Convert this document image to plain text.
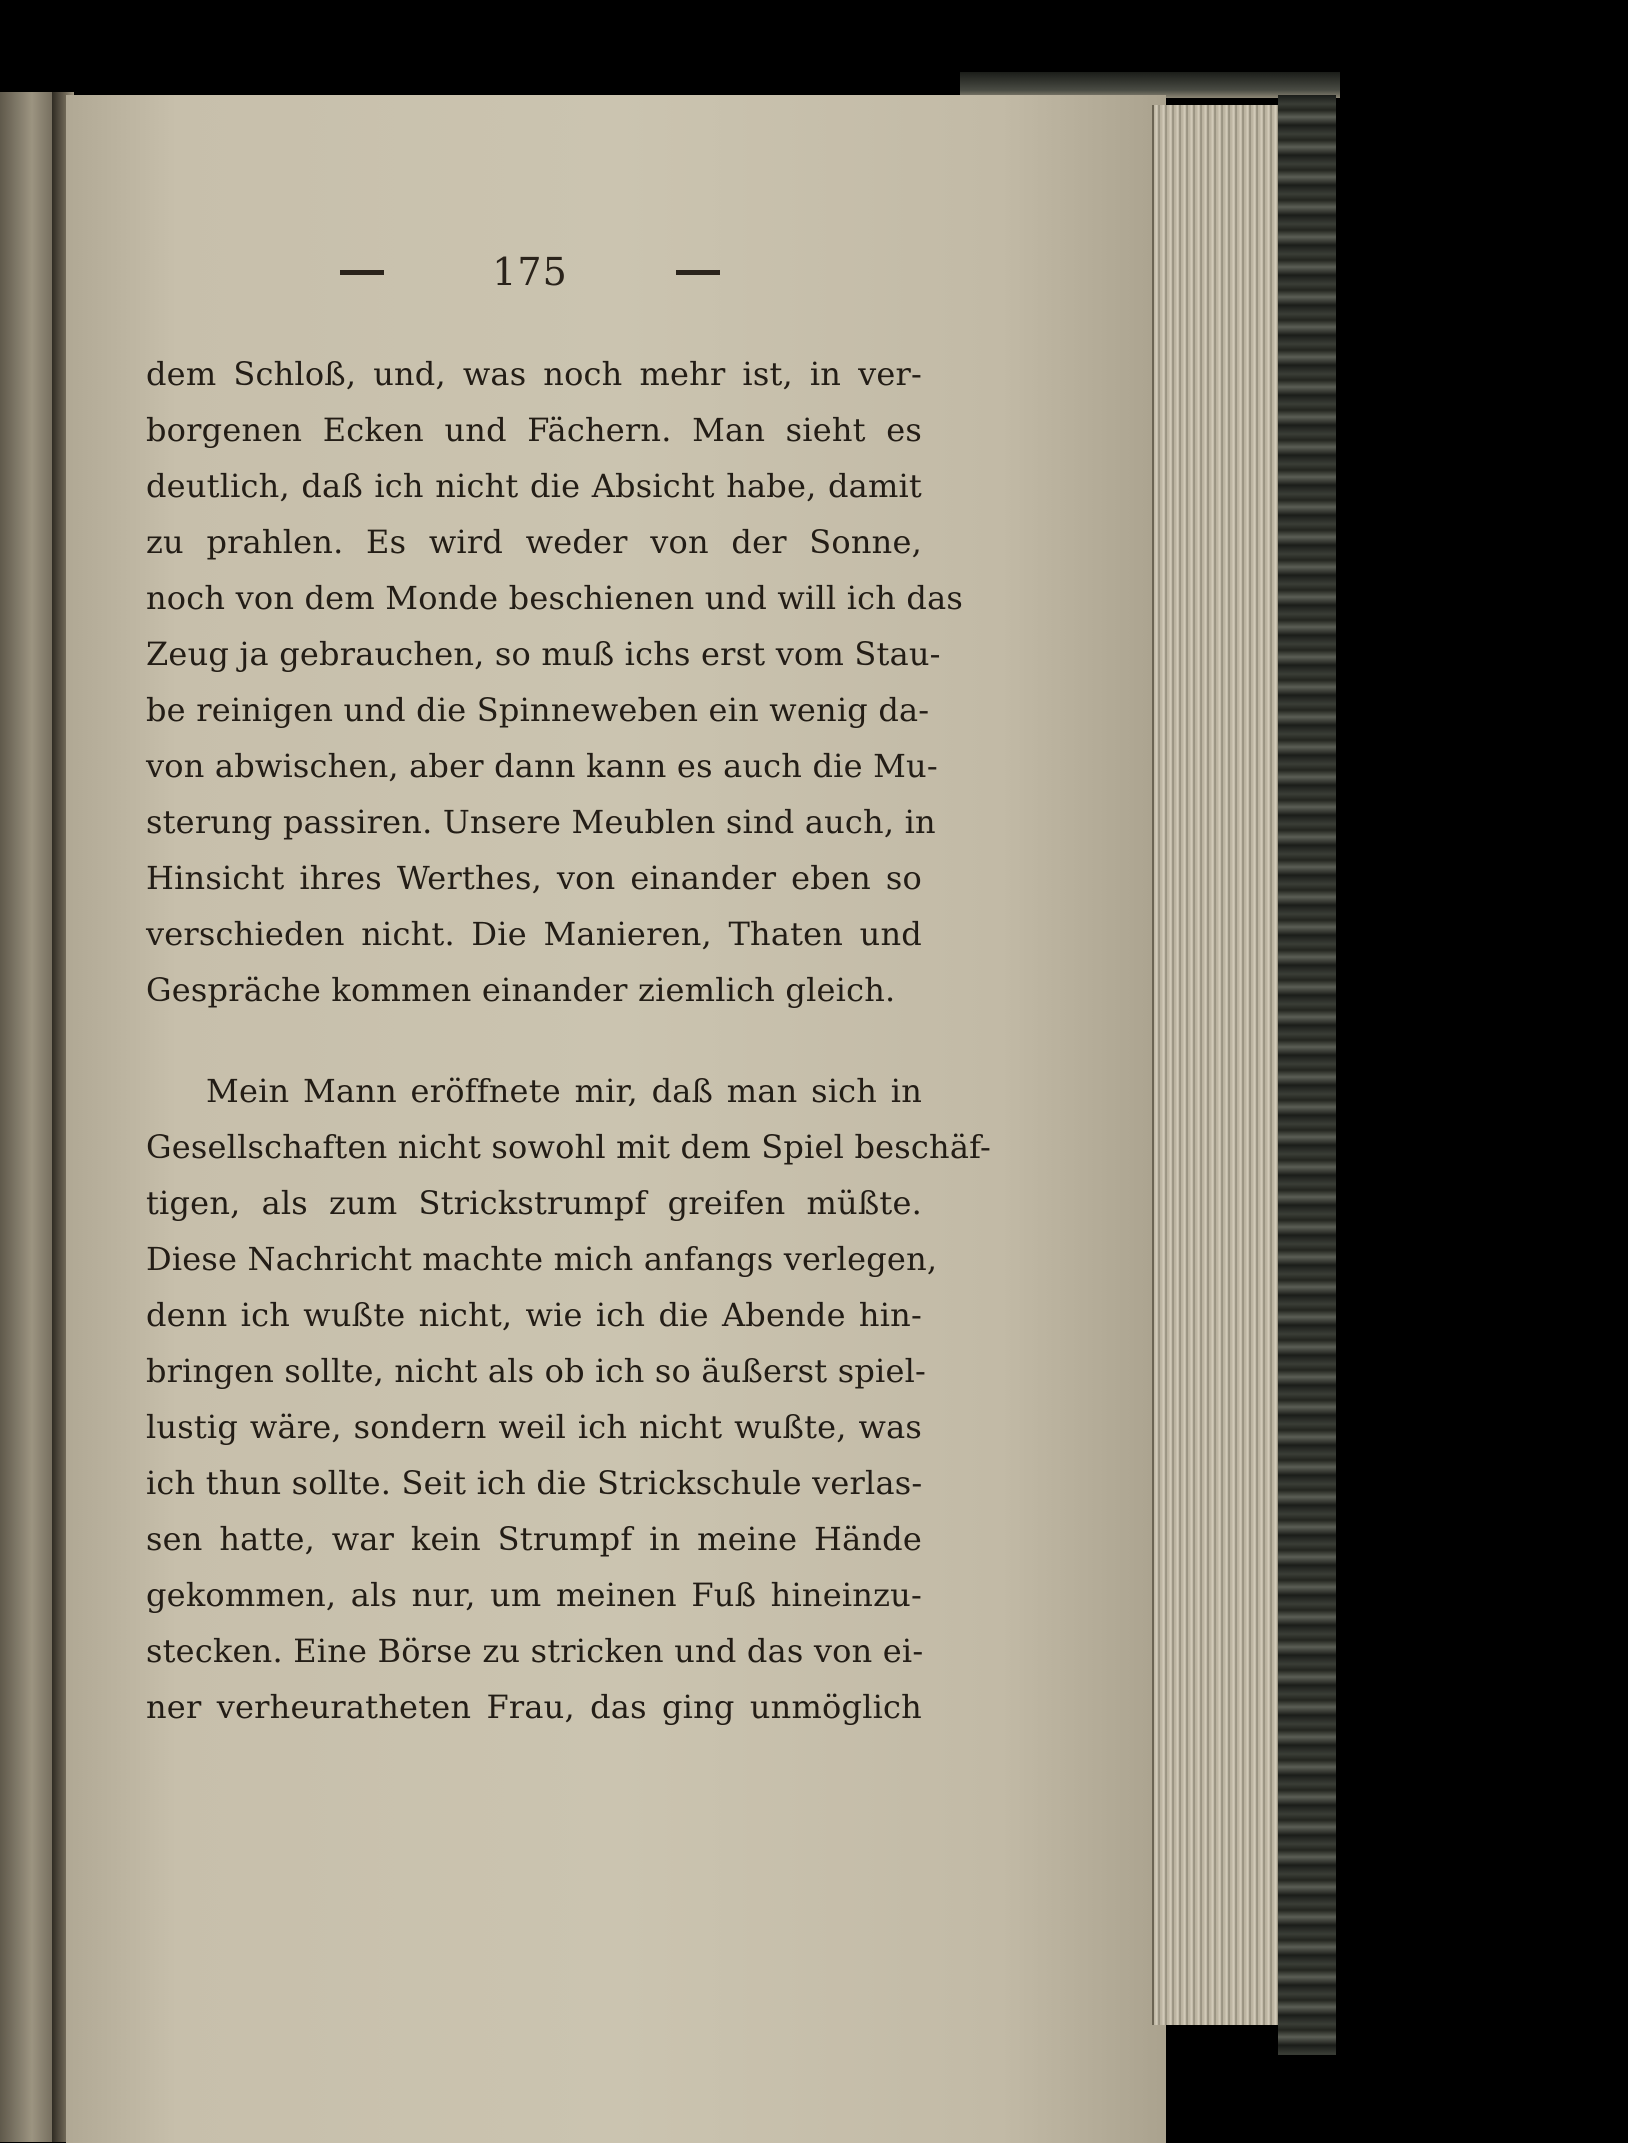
175
dem Schloß, und, was noch mehr ist, in ver-
borgenen Ecken und Fächern. Man sieht es
deutlich, daß ich nicht die Absicht habe, damit
zu prahlen. Es wird weder von der Sonne,
noch von dem Monde beschienen und will ich das
Zeug ja gebrauchen, so muß ichs erst vom Stau-
be reinigen und die Spinneweben ein wenig da-
von abwischen, aber dann kann es auch die Mu-
sterung passiren. Unsere Meublen sind auch, in
Hinsicht ihres Werthes, von einander eben so
verschieden nicht. Die Manieren, Thaten und
Gespräche kommen einander ziemlich gleich.
Mein Mann eröffnete mir, daß man sich in
Gesellschaften nicht sowohl mit dem Spiel beschäf-
tigen, als zum Strickstrumpf greifen müßte.
Diese Nachricht machte mich anfangs verlegen,
denn ich wußte nicht, wie ich die Abende hin-
bringen sollte, nicht als ob ich so äußerst spiel-
lustig wäre, sondern weil ich nicht wußte, was
ich thun sollte. Seit ich die Strickschule verlas-
sen hatte, war kein Strumpf in meine Hände
gekommen, als nur, um meinen Fuß hineinzu-
stecken. Eine Börse zu stricken und das von ei-
ner verheuratheten Frau, das ging unmöglich
